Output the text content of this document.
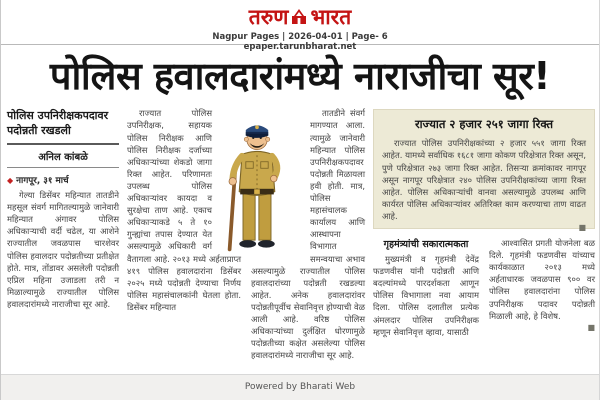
तरुण भारत
Nagpur Pages | 2026-04-01 | Page- 6
epaper.tarunbharat.net
पोलिस हवालदारांमध्ये नाराजीचा सूर!
पोलिस उपनिरीक्षकपदावर पदोन्नती रखडली
अनिल कांबळे
◆ नागपूर, ३१ मार्च

गेल्या डिसेंबर महिन्यात तातडीने महसूल संवर्ग मागितल्यामुळे जानेवारी महिन्यात अंगावर पोलिस अधिकाऱ्याची वर्दी चढेल, या आशेने राज्यातील जवळपास चारशेवर पोलिस हवालदार पदोन्नतीच्या प्रतीक्षेत होते. मात्र, तोंडावर असलेली पदोन्नती एप्रिल महिना उजाडला तरी न मिळाल्यामुळे राज्यातील पोलिस हवालदारांमध्ये नाराजीचा सूर आहे.

राज्यात पोलिस उपनिरीक्षक, सहायक पोलिस निरीक्षक आणि पोलिस निरीक्षक दर्जाच्या अधिकाऱ्यांच्या शेकडो जागा रिक्त आहेत. परिणामतः उपलब्ध पोलिस अधिकाऱ्यांवर कायदा व सुरक्षेचा ताण आहे. एकाच अधिकाऱ्याकडे ५ ते १० गुन्ह्यांचा तपास देण्यात येत असल्यामुळे अधिकारी वर्ग वैतागला आहे. २०१३ मध्ये अर्हताप्राप्त ४१९ पोलिस हवालदारांना डिसेंबर २०२५ मध्ये पदोन्नती देण्याचा निर्णय पोलिस महासंचालकांनी घेतला होता. डिसेंबर महिन्यात

तातडीने संवर्ग मागण्यात आला. त्यामुळे जानेवारी महिन्यात पोलिस उपनिरीक्षकपदावर पदोन्नती मिळायला हवी होती. मात्र, पोलिस महासंचालक कार्यालय आणि आस्थापना विभागात समन्वयाचा अभाव असल्यामुळे राज्यातील पोलिस हवालदारांच्या पदोन्नती रखडल्या आहेत. अनेक हवालदारांवर पदोन्नतीपूर्वीच सेवानिवृत्त होण्याची वेळ आली आहे. वरिष्ठ पोलिस अधिकाऱ्यांच्या दुर्लक्षित धोरणामुळे पदोन्नतीच्या कक्षेत असलेल्या पोलिस हवालदारांमध्ये नाराजीचा सूर आहे.

राज्यात २ हजार २५१ जागा रिक्त

राज्यात पोलिस उपनिरीक्षकांच्या २ हजार ५५१ जागा रिक्त आहेत. यामध्ये सर्वाधिक १६८१ जागा कोकण परिक्षेत्रात रिक्त असून, पुणे परिक्षेत्रात २७३ जागा रिक्त आहेत. तिसऱ्या क्रमांकावर नागपूर असून नागपूर परिक्षेत्रात २४० पोलिस उपनिरीक्षकांच्या जागा रिक्त आहेत. पोलिस अधिकाऱ्यांची वानवा असल्यामुळे उपलब्ध आणि कार्यरत पोलिस अधिकाऱ्यांवर अतिरिक्त काम करण्याचा ताण वाढत आहे.

■
गृहमंत्र्यांची सकारात्मकता

मुख्यमंत्री व गृहमंत्री देवेंद्र फडणवीस यांनी पदोन्नती आणि बदल्यांमध्ये पारदर्शकता आणून पोलिस विभागाला नवा आयाम दिला. पोलिस दलातील प्रत्येक अंमलदार पोलिस उपनिरीक्षक म्हणून सेवानिवृत्त व्हावा, यासाठी

आश्वासित प्रगती योजनेला बळ दिले. गृहमंत्री फडणवीस यांच्याच कार्यकाळात २०१३ मध्ये अर्हताधारक जवळपास ९०० वर पोलिस हवालदारांना पोलिस उपनिरीक्षक पदावर पदोन्नती मिळाली आहे, हे विशेष.

■
Powered by Bharati Web
